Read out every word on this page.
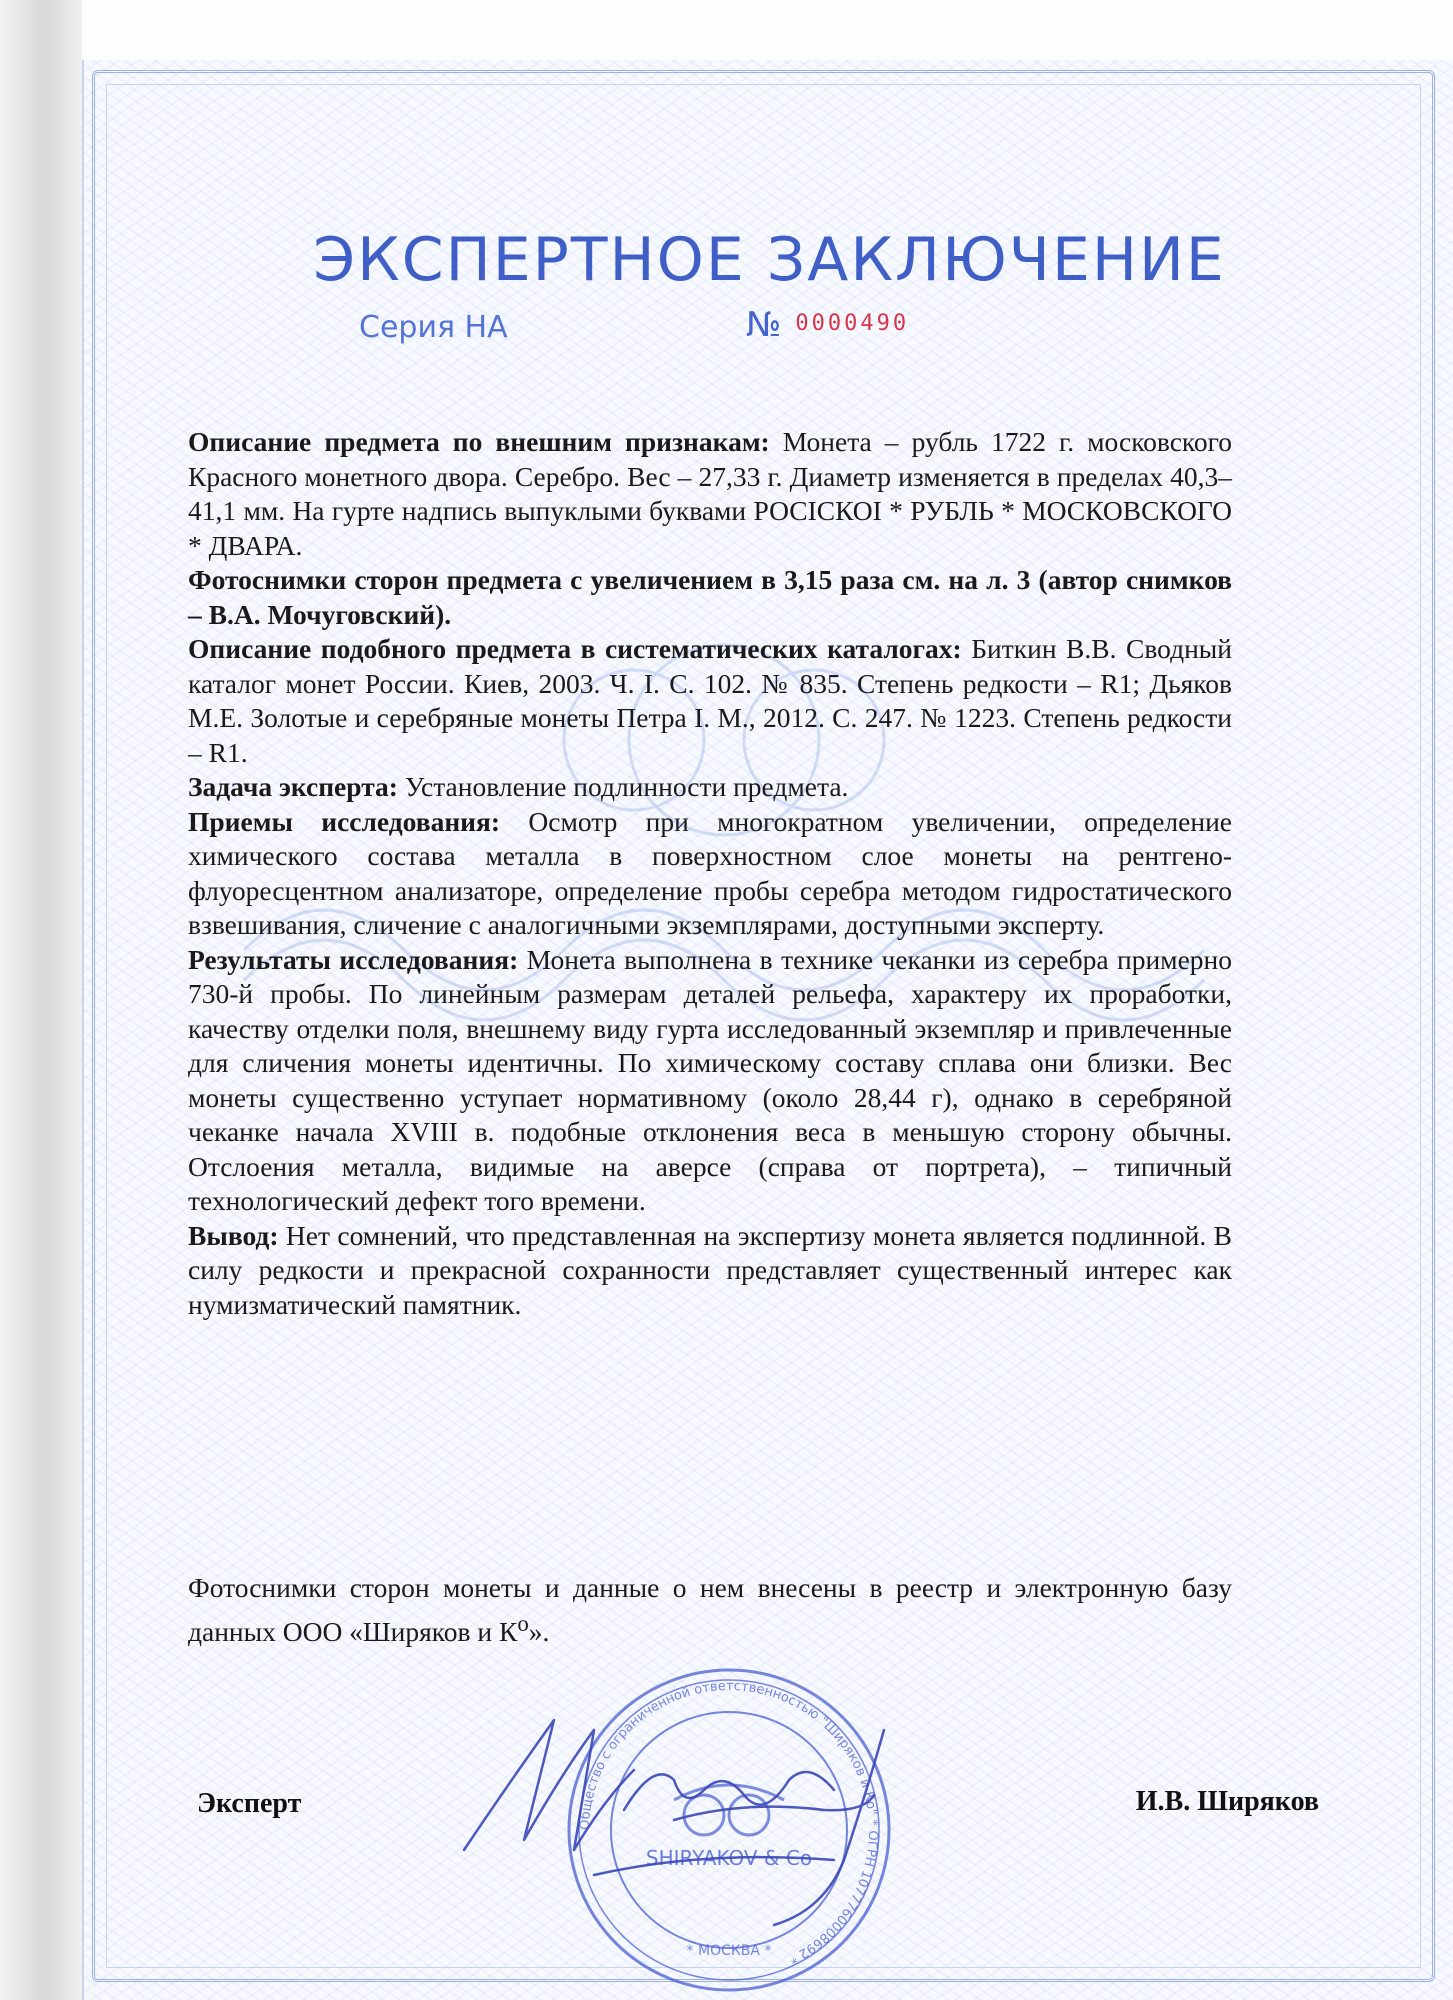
ЭКСПЕРТНОЕ ЗАКЛЮЧЕНИЕ
Серия НА	№ 0000490

Описание предмета по внешним признакам: Монета – рубль 1722 г. московского Красного монетного двора. Серебро. Вес – 27,33 г. Диаметр изменяется в пределах 40,3–41,1 мм. На гурте надпись выпуклыми буквами РОСIСКОI * РУБЛЬ * МОСКОВСКОГО * ДВАРА.

Фотоснимки сторон предмета с увеличением в 3,15 раза см. на л. 3 (автор снимков – В.А. Мочуговский).

Описание подобного предмета в систематических каталогах: Биткин В.В. Сводный каталог монет России. Киев, 2003. Ч. I. С. 102. № 835. Степень редкости – R1; Дьяков М.Е. Золотые и серебряные монеты Петра I. М., 2012. С. 247. № 1223. Степень редкости – R1.

Задача эксперта: Установление подлинности предмета.

Приемы исследования: Осмотр при многократном увеличении, определение химического состава металла в поверхностном слое монеты на рентгено-флуоресцентном анализаторе, определение пробы серебра методом гидростатического взвешивания, сличение с аналогичными экземплярами, доступными эксперту.

Результаты исследования: Монета выполнена в технике чеканки из серебра примерно 730-й пробы. По линейным размерам деталей рельефа, характеру их проработки, качеству отделки поля, внешнему виду гурта исследованный экземпляр и привлеченные для сличения монеты идентичны. По химическому составу сплава они близки. Вес монеты существенно уступает нормативному (около 28,44 г), однако в серебряной чеканке начала XVIII в. подобные отклонения веса в меньшую сторону обычны. Отслоения металла, видимые на аверсе (справа от портрета), – типичный технологический дефект того времени.

Вывод: Нет сомнений, что представленная на экспертизу монета является подлинной. В силу редкости и прекрасной сохранности представляет существенный интерес как нумизматический памятник.

Фотоснимки сторон монеты и данные о нем внесены в реестр и электронную базу данных ООО «Ширяков и $К^о$».
Общество с ограниченной ответственностью "Ширяков и Ко" * ОГРН 1077760008692 *
SHIRYAKOV & Co
* МОСКВА *
Эксперт	И.В. Ширяков
